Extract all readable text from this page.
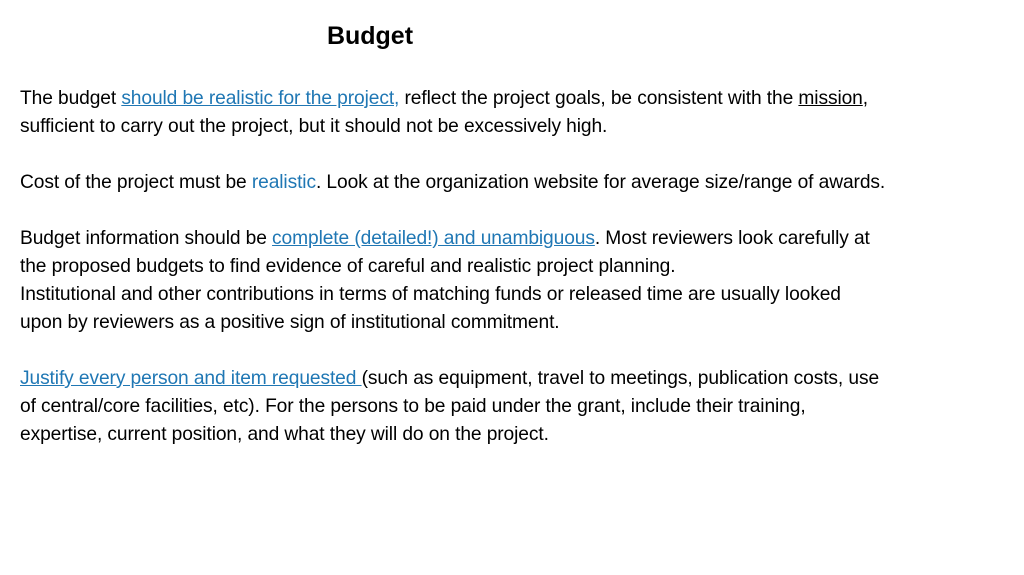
Budget
The budget should be realistic for the project, reflect the project goals, be consistent with the mission,
sufficient to carry out the project, but it should not be excessively high.
Cost of the project must be realistic. Look at the organization website for average size/range of awards.
Budget information should be complete (detailed!) and unambiguous. Most reviewers look carefully at
the proposed budgets to find evidence of careful and realistic project planning.
Institutional and other contributions in terms of matching funds or released time are usually looked
upon by reviewers as a positive sign of institutional commitment.
Justify every person and item requested (such as equipment, travel to meetings, publication costs, use
of central/core facilities, etc). For the persons to be paid under the grant, include their training,
expertise, current position, and what they will do on the project.
